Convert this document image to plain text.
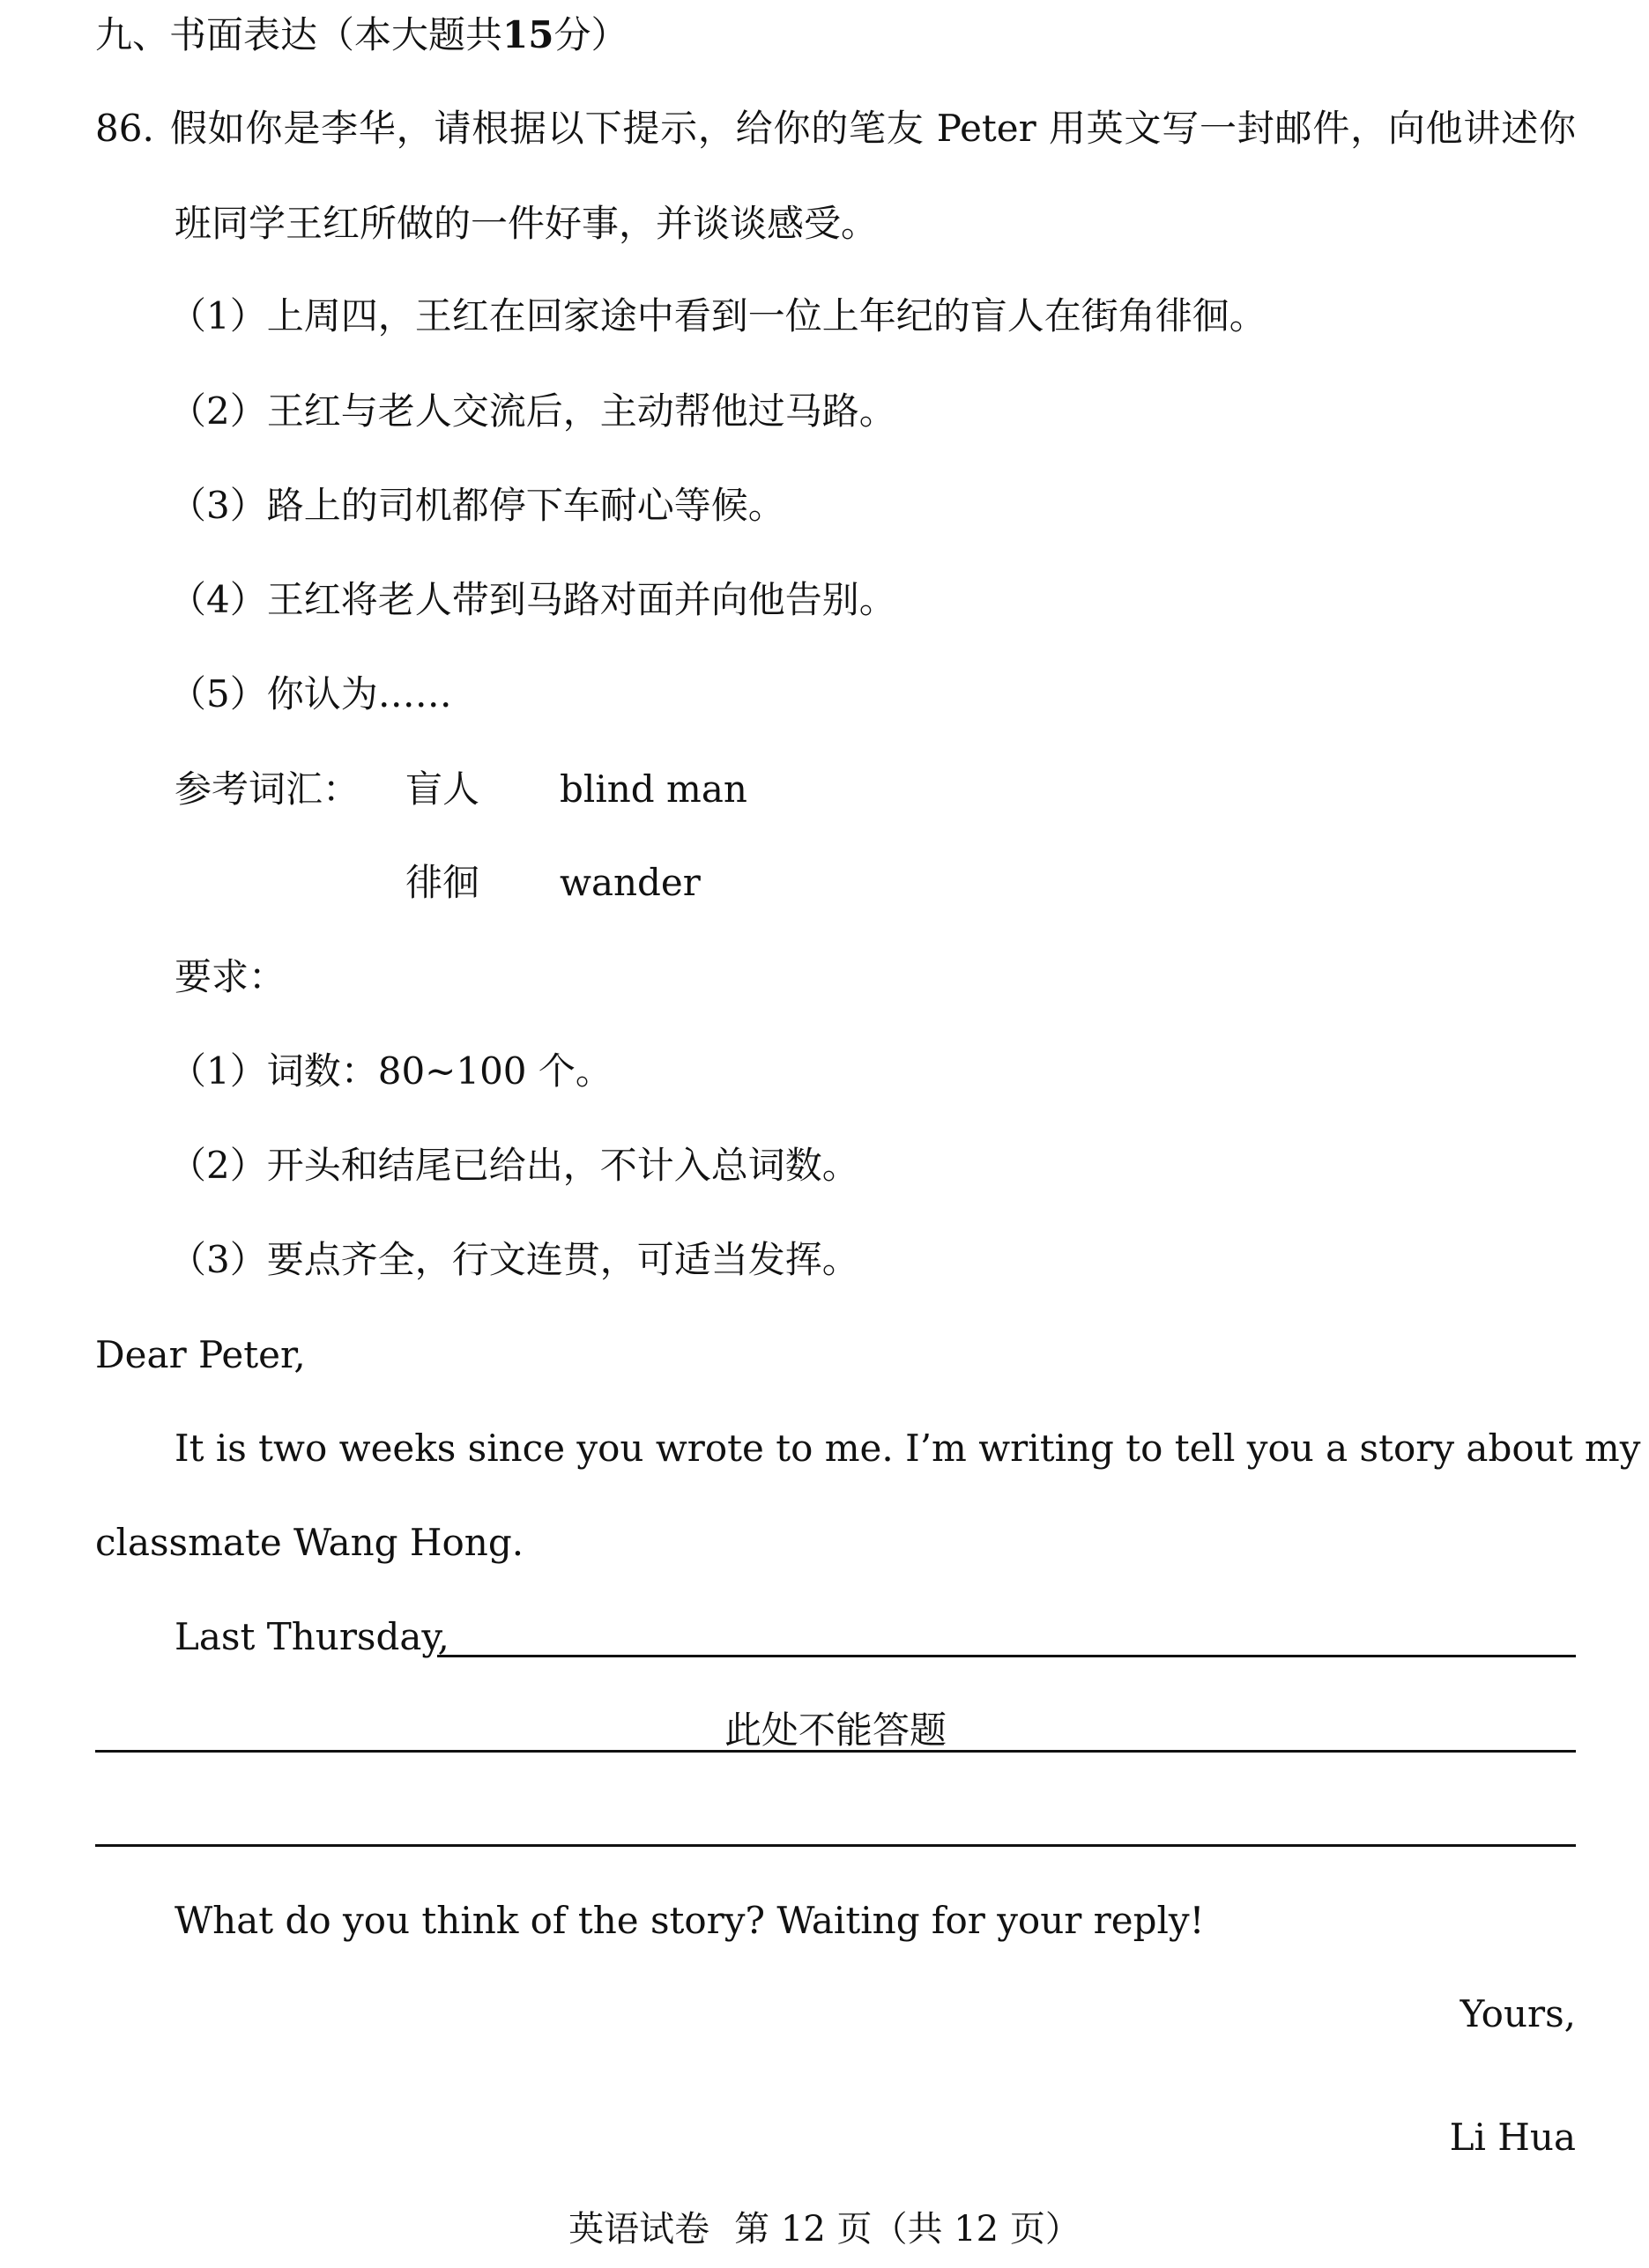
九、书面表达（本大题共15分）
86. 假如你是李华，请根据以下提示，给你的笔友 Peter 用英文写一封邮件，向他讲述你
班同学王红所做的一件好事，并谈谈感受。
（1）上周四，王红在回家途中看到一位上年纪的盲人在街角徘徊。
（2）王红与老人交流后，主动帮他过马路。
（3）路上的司机都停下车耐心等候。
（4）王红将老人带到马路对面并向他告别。
（5）你认为……
参考词汇： 盲人 blind man
徘徊 wander
要求：
（1）词数：80~100 个。
（2）开头和结尾已给出，不计入总词数。
（3）要点齐全，行文连贯，可适当发挥。
Dear Peter,
It is two weeks since you wrote to me. I’m writing to tell you a story about my
classmate Wang Hong.
Last Thursday,
此处不能答题
What do you think of the story? Waiting for your reply!
Yours,
Li Hua
英语试卷 第 12 页（共 12 页）
